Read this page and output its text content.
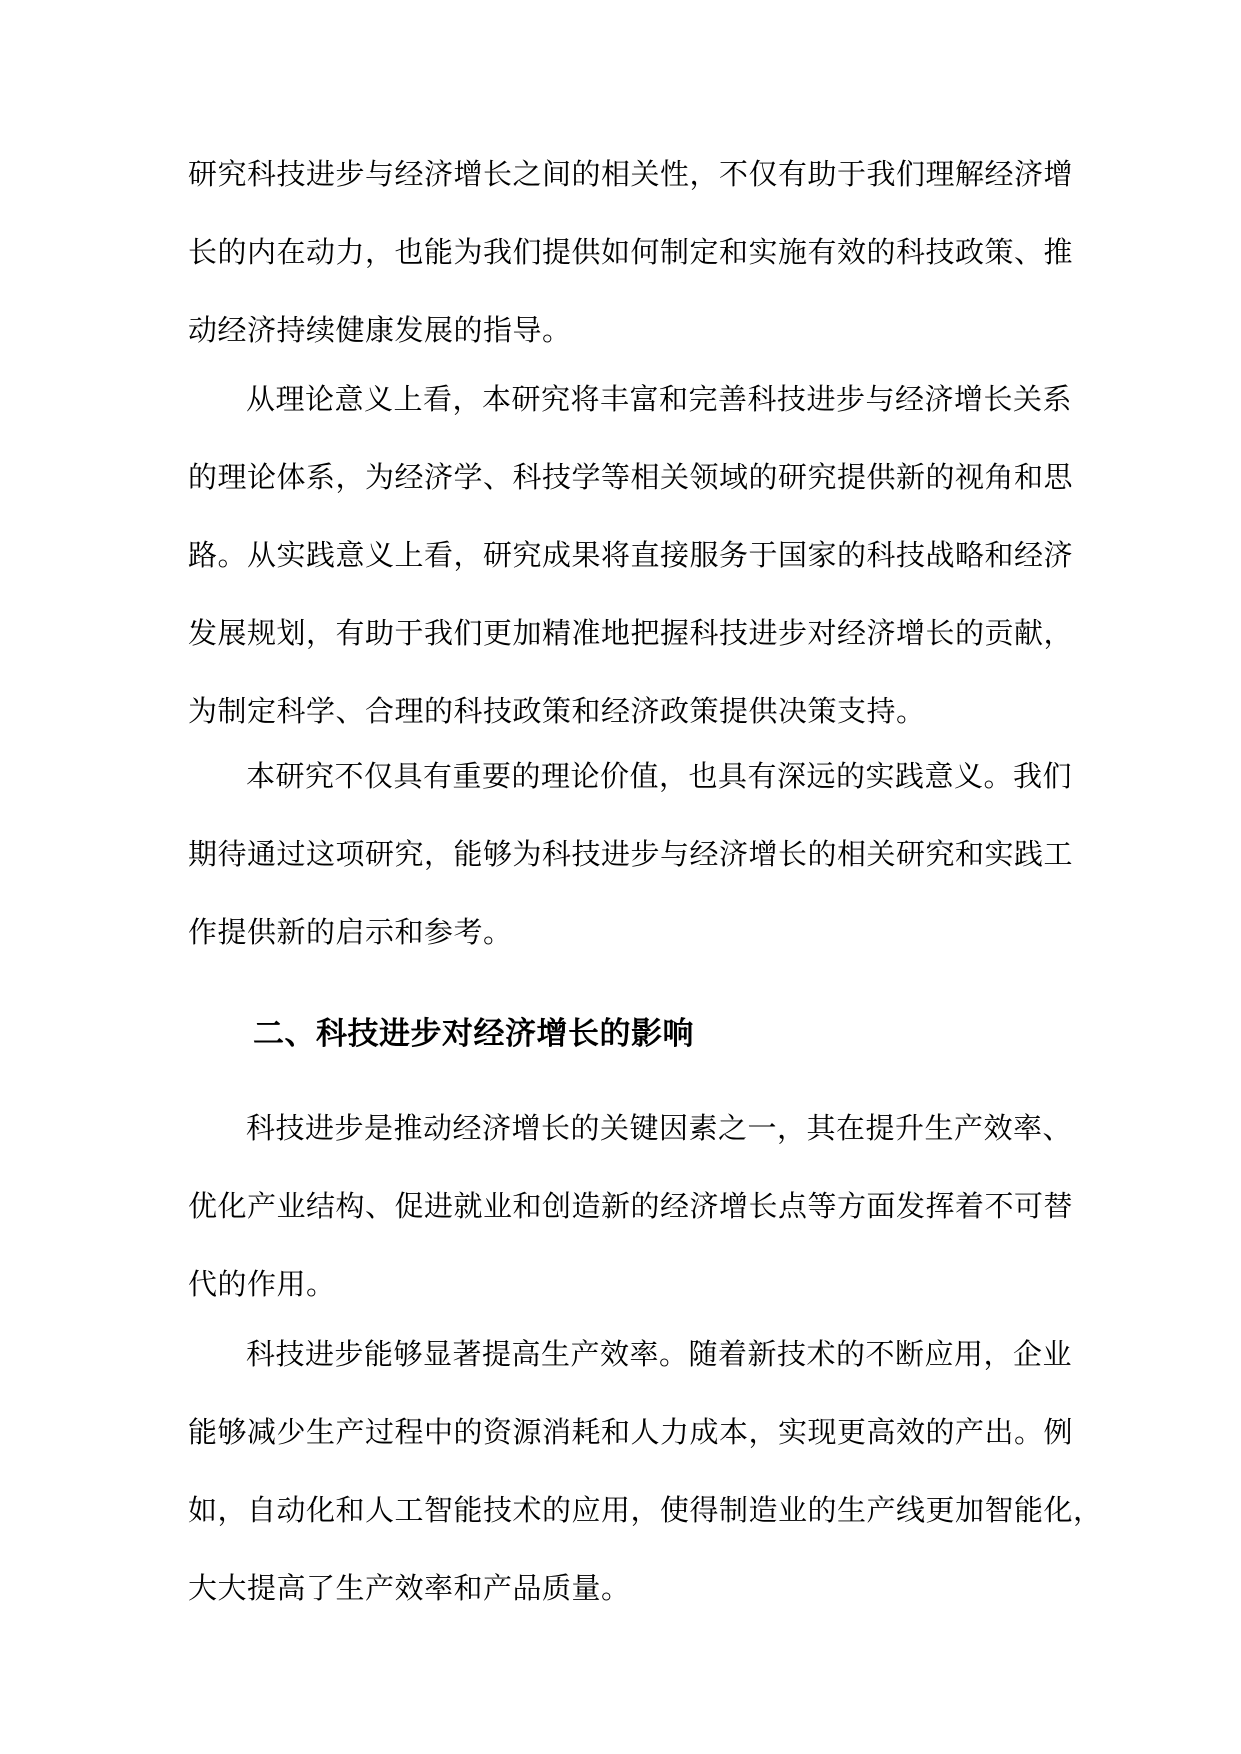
研究科技进步与经济增长之间的相关性，不仅有助于我们理解经济增
长的内在动力，也能为我们提供如何制定和实施有效的科技政策、推
动经济持续健康发展的指导。
从理论意义上看，本研究将丰富和完善科技进步与经济增长关系
的理论体系，为经济学、科技学等相关领域的研究提供新的视角和思
路。从实践意义上看，研究成果将直接服务于国家的科技战略和经济
发展规划，有助于我们更加精准地把握科技进步对经济增长的贡献，
为制定科学、合理的科技政策和经济政策提供决策支持。
本研究不仅具有重要的理论价值，也具有深远的实践意义。我们
期待通过这项研究，能够为科技进步与经济增长的相关研究和实践工
作提供新的启示和参考。
二、科技进步对经济增长的影响
科技进步是推动经济增长的关键因素之一，其在提升生产效率、
优化产业结构、促进就业和创造新的经济增长点等方面发挥着不可替
代的作用。
科技进步能够显著提高生产效率。随着新技术的不断应用，企业
能够减少生产过程中的资源消耗和人力成本，实现更高效的产出。例
如，自动化和人工智能技术的应用，使得制造业的生产线更加智能化，
大大提高了生产效率和产品质量。
